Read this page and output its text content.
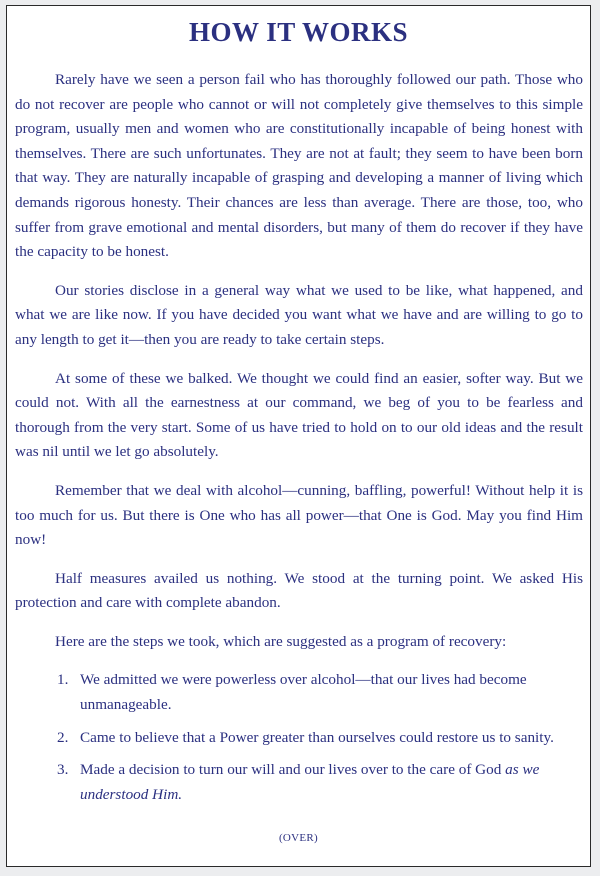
HOW IT WORKS

Rarely have we seen a person fail who has thoroughly followed our path. Those who do not recover are people who cannot or will not completely give themselves to this simple program, usually men and women who are constitutionally incapable of being honest with themselves. There are such unfortunates. They are not at fault; they seem to have been born that way. They are naturally incapable of grasping and developing a manner of living which demands rigorous honesty. Their chances are less than average. There are those, too, who suffer from grave emotional and mental disorders, but many of them do recover if they have the capacity to be honest.

Our stories disclose in a general way what we used to be like, what happened, and what we are like now. If you have decided you want what we have and are willing to go to any length to get it—then you are ready to take certain steps.

At some of these we balked. We thought we could find an easier, softer way. But we could not. With all the earnestness at our command, we beg of you to be fearless and thorough from the very start. Some of us have tried to hold on to our old ideas and the result was nil until we let go absolutely.

Remember that we deal with alcohol—cunning, baffling, powerful! Without help it is too much for us. But there is One who has all power—that One is God. May you find Him now!

Half measures availed us nothing. We stood at the turning point. We asked His protection and care with complete abandon.

Here are the steps we took, which are suggested as a program of recovery:

1. We admitted we were powerless over alcohol—that our lives had become unmanageable.
2. Came to believe that a Power greater than ourselves could restore us to sanity.
3. Made a decision to turn our will and our lives over to the care of God as we understood Him.
(OVER)
